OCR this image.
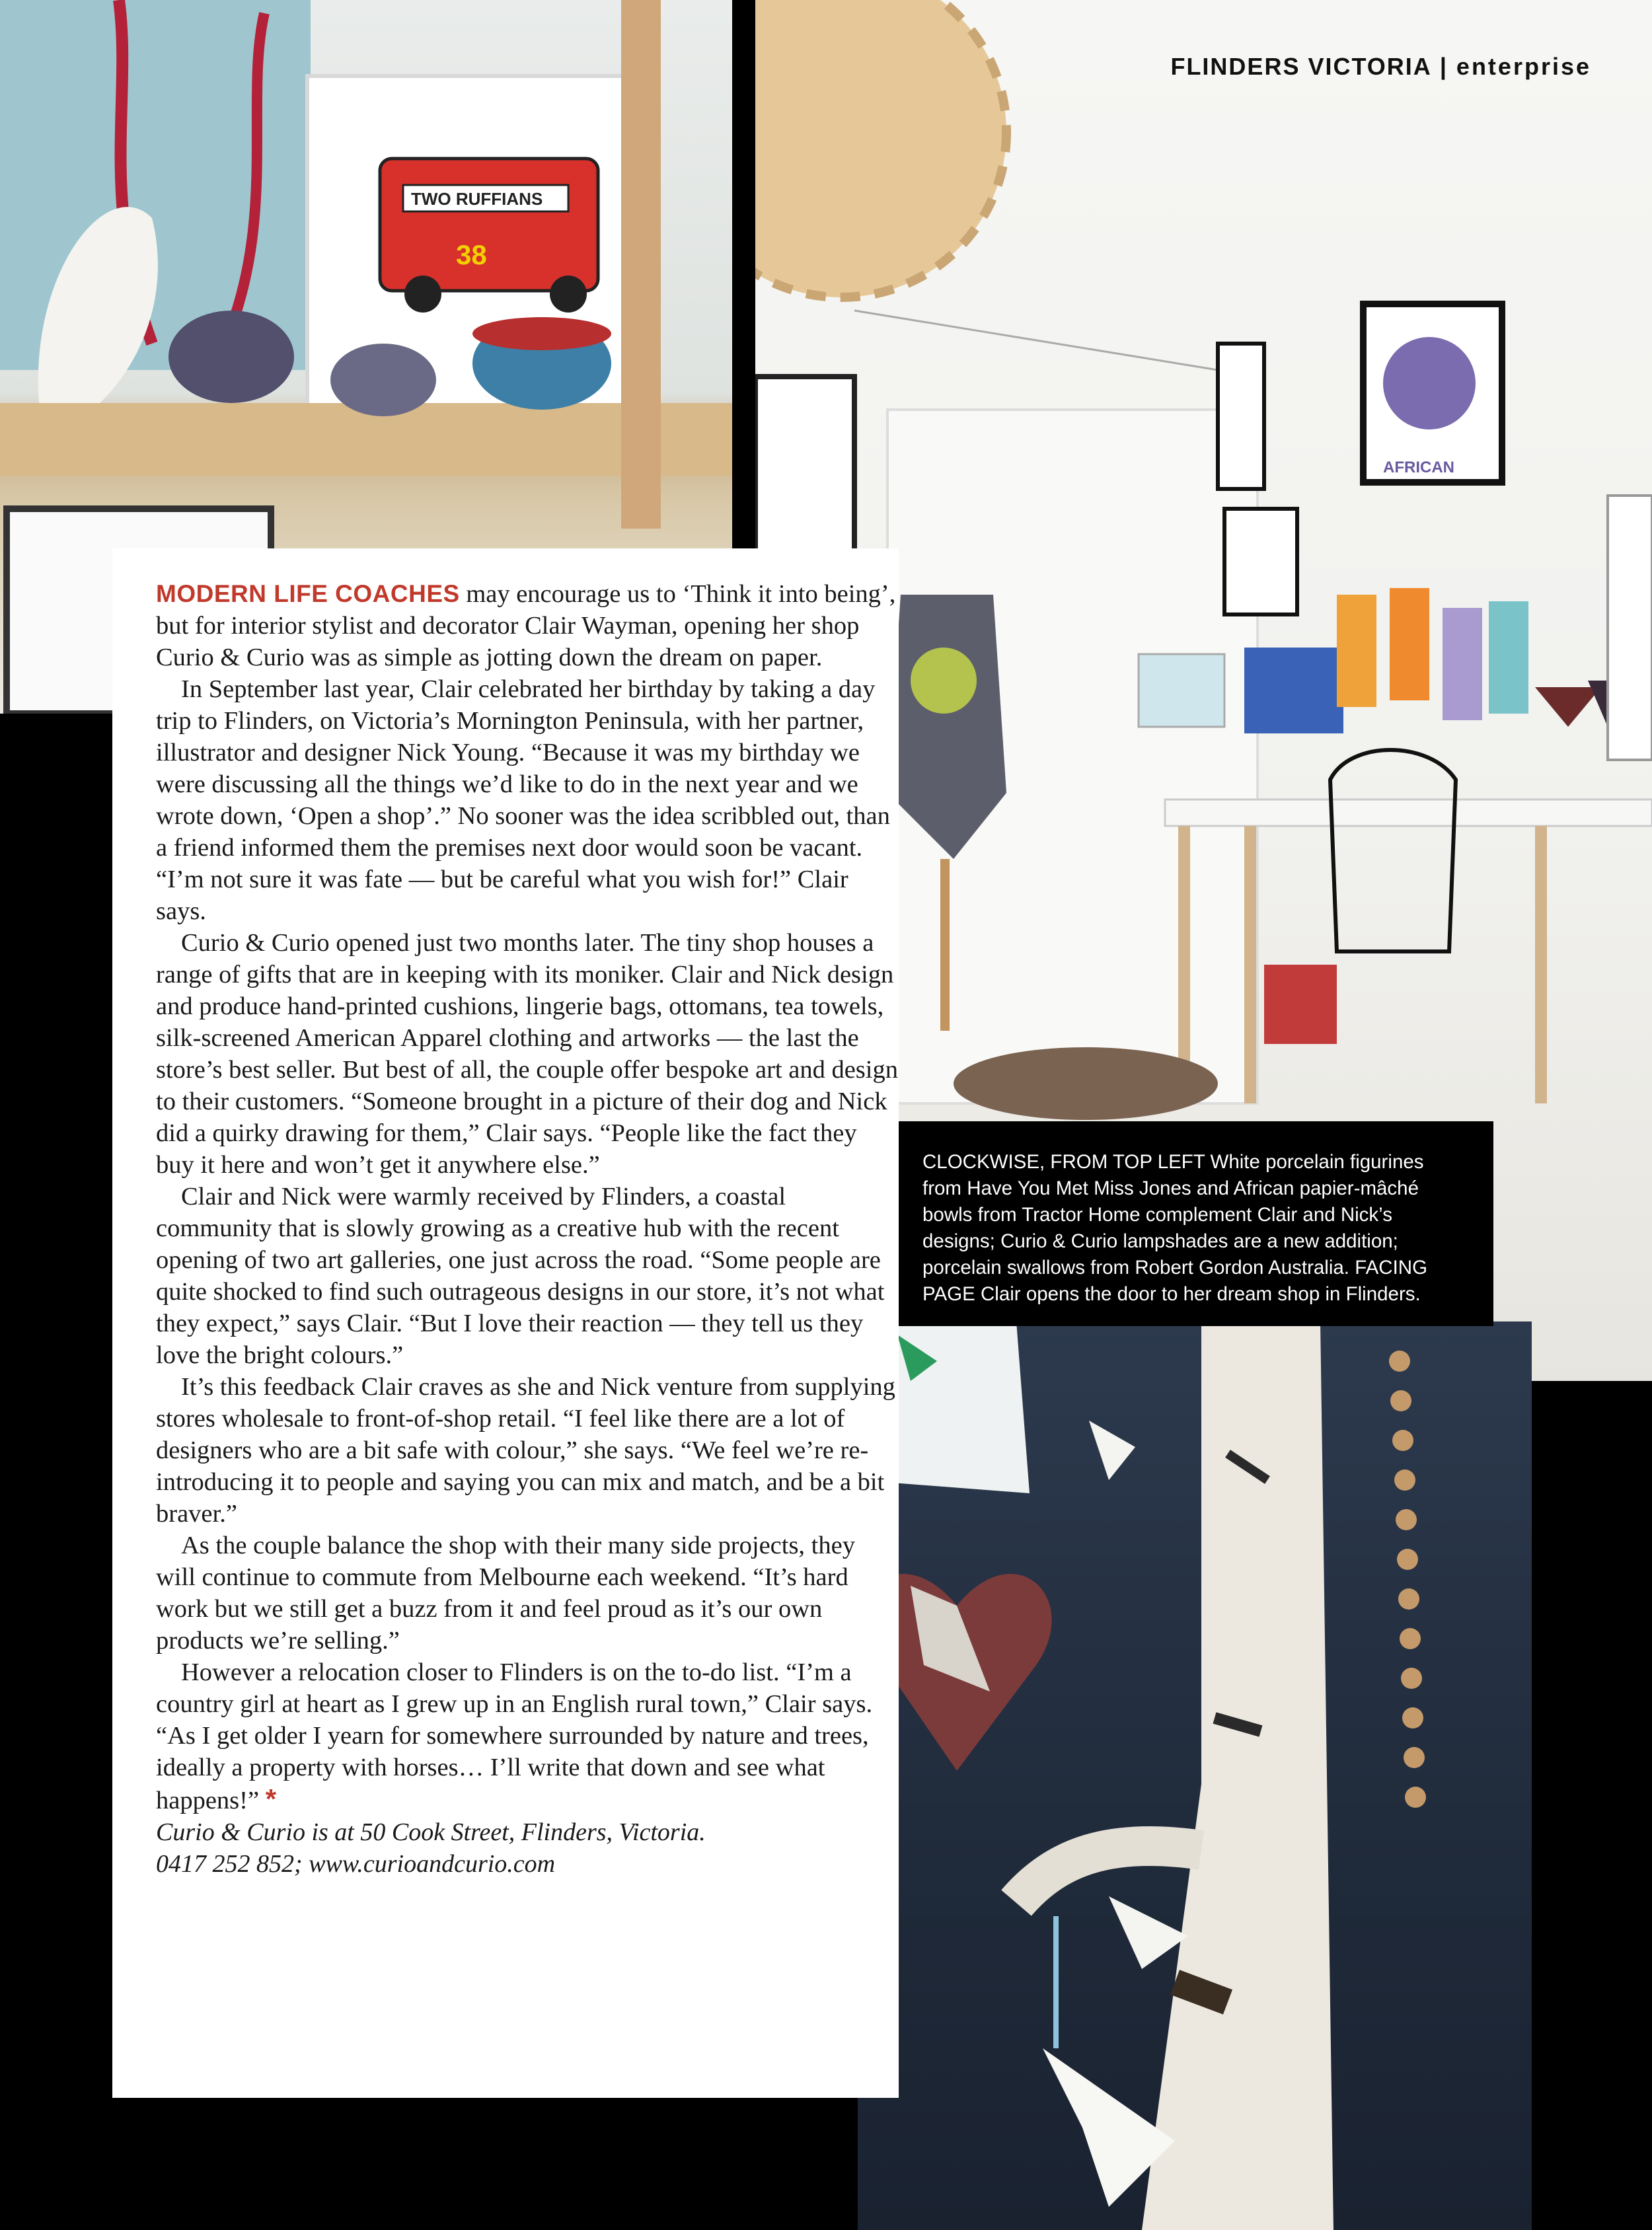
TWO RUFFIANS
38
AFRICAN
FLINDERS VICTORIA | enterprise

MODERN LIFE COACHES may encourage us to ‘Think it into being’, but for interior stylist and decorator Clair Wayman, opening her shop Curio & Curio was as simple as jotting down the dream on paper.

In September last year, Clair celebrated her birthday by taking a day trip to Flinders, on Victoria’s Mornington Peninsula, with her partner, illustrator and designer Nick Young. “Because it was my birthday we were discussing all the things we’d like to do in the next year and we wrote down, ‘Open a shop’.” No sooner was the idea scribbled out, than a friend informed them the premises next door would soon be vacant. “I’m not sure it was fate — but be careful what you wish for!” Clair says.

Curio & Curio opened just two months later. The tiny shop houses a range of gifts that are in keeping with its moniker. Clair and Nick design and produce hand-printed cushions, lingerie bags, ottomans, tea towels, silk-screened American Apparel clothing and artworks — the last the store’s best seller. But best of all, the couple offer bespoke art and design to their customers. “Someone brought in a picture of their dog and Nick did a quirky drawing for them,” Clair says. “People like the fact they buy it here and won’t get it anywhere else.”

Clair and Nick were warmly received by Flinders, a coastal community that is slowly growing as a creative hub with the recent opening of two art galleries, one just across the road. “Some people are quite shocked to find such outrageous designs in our store, it’s not what they expect,” says Clair. “But I love their reaction — they tell us they love the bright colours.”

It’s this feedback Clair craves as she and Nick venture from supplying stores wholesale to front-of-shop retail. “I feel like there are a lot of designers who are a bit safe with colour,” she says. “We feel we’re re-introducing it to people and saying you can mix and match, and be a bit braver.”

As the couple balance the shop with their many side projects, they will continue to commute from Melbourne each weekend. “It’s hard work but we still get a buzz from it and feel proud as it’s our own products we’re selling.”

However a relocation closer to Flinders is on the to-do list. “I’m a country girl at heart as I grew up in an English rural town,” Clair says. “As I get older I yearn for somewhere surrounded by nature and trees, ideally a property with horses… I’ll write that down and see what happens!” *

Curio & Curio is at 50 Cook Street, Flinders, Victoria.
0417 252 852; www.curioandcurio.com
CLOCKWISE, FROM TOP LEFT White porcelain figurines from Have You Met Miss Jones and African papier-mâché bowls from Tractor Home complement Clair and Nick’s designs; Curio & Curio lampshades are a new addition; porcelain swallows from Robert Gordon Australia. FACING PAGE Clair opens the door to her dream shop in Flinders.
